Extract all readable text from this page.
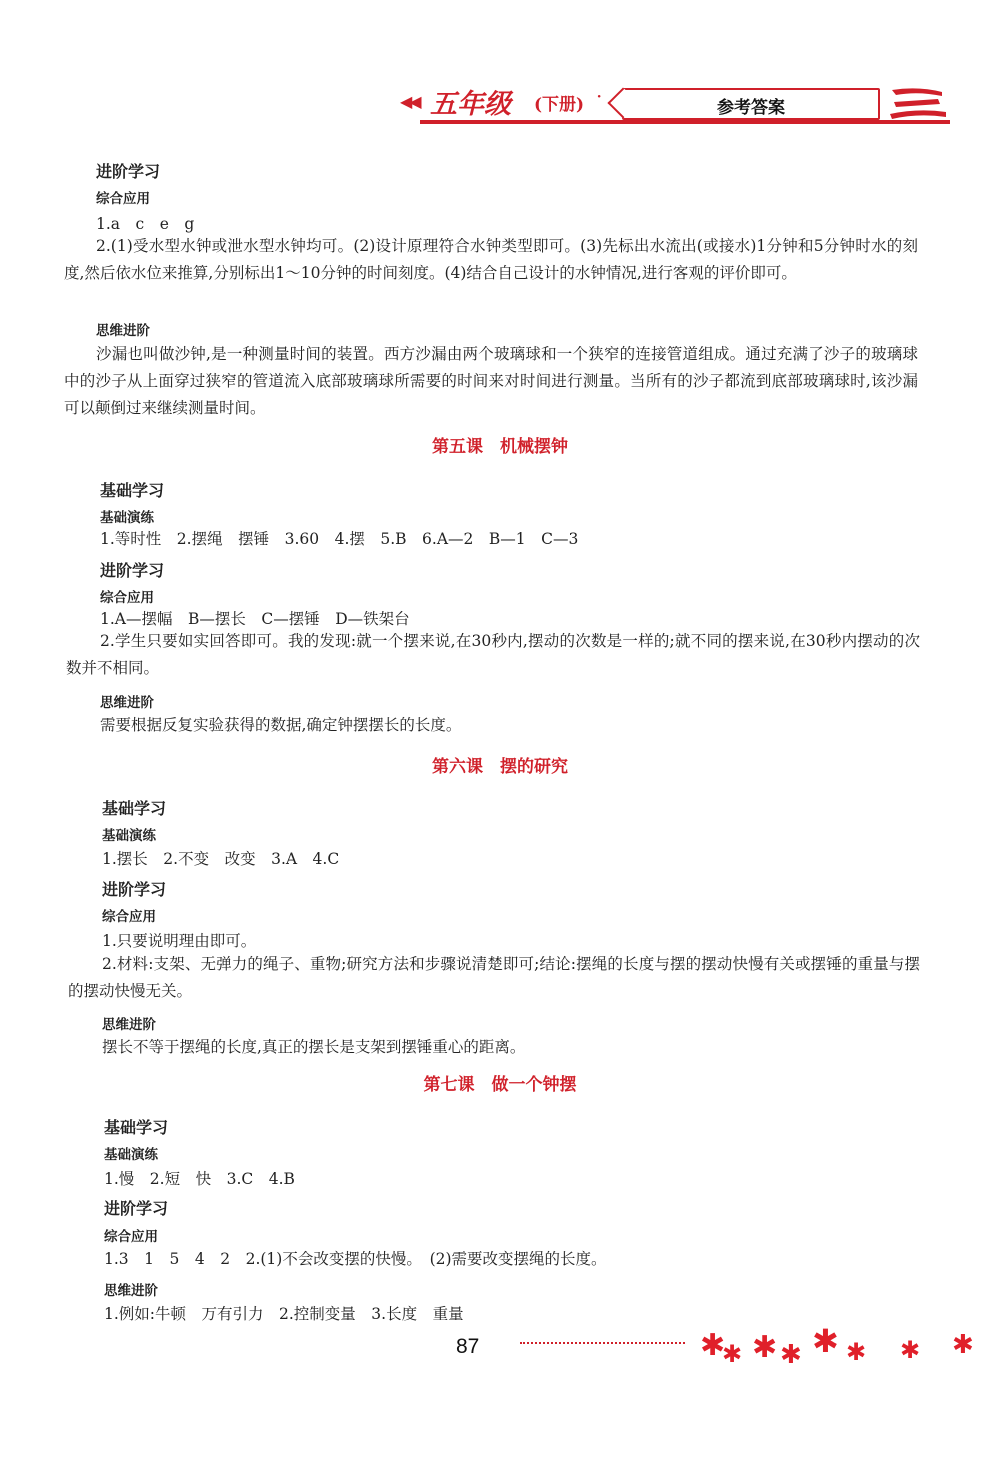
◀◀ 五年级 (下册) ·	参考答案
进阶学习
综合应用
1.a　c　e　g
2.(1)受水型水钟或泄水型水钟均可。(2)设计原理符合水钟类型即可。(3)先标出水流出(或接水)1分钟和5分钟时水的刻度,然后依水位来推算,分别标出1～10分钟的时间刻度。(4)结合自己设计的水钟情况,进行客观的评价即可。
思维进阶
沙漏也叫做沙钟,是一种测量时间的装置。西方沙漏由两个玻璃球和一个狭窄的连接管道组成。通过充满了沙子的玻璃球中的沙子从上面穿过狭窄的管道流入底部玻璃球所需要的时间来对时间进行测量。当所有的沙子都流到底部玻璃球时,该沙漏可以颠倒过来继续测量时间。
第五课　机械摆钟
基础学习
基础演练
1.等时性　2.摆绳　摆锤　3.60　4.摆　5.B　6.A—2　B—1　C—3
进阶学习
综合应用
1.A—摆幅　B—摆长　C—摆锤　D—铁架台
2.学生只要如实回答即可。我的发现:就一个摆来说,在30秒内,摆动的次数是一样的;就不同的摆来说,在30秒内摆动的次数并不相同。
思维进阶
需要根据反复实验获得的数据,确定钟摆摆长的长度。
第六课　摆的研究
基础学习
基础演练
1.摆长　2.不变　改变　3.A　4.C
进阶学习
综合应用
1.只要说明理由即可。
2.材料:支架、无弹力的绳子、重物;研究方法和步骤说清楚即可;结论:摆绳的长度与摆的摆动快慢有关或摆锤的重量与摆的摆动快慢无关。
思维进阶
摆长不等于摆绳的长度,真正的摆长是支架到摆锤重心的距离。
第七课　做一个钟摆
基础学习
基础演练
1.慢　2.短　快　3.C　4.B
进阶学习
综合应用
1.3　1　5　4　2　2.(1)不会改变摆的快慢。　(2)需要改变摆绳的长度。
思维进阶
1.例如:牛顿　万有引力　2.控制变量　3.长度　重量
87	✱
✱ ✱ ✱ ✱ ✱ ✱ ✱
